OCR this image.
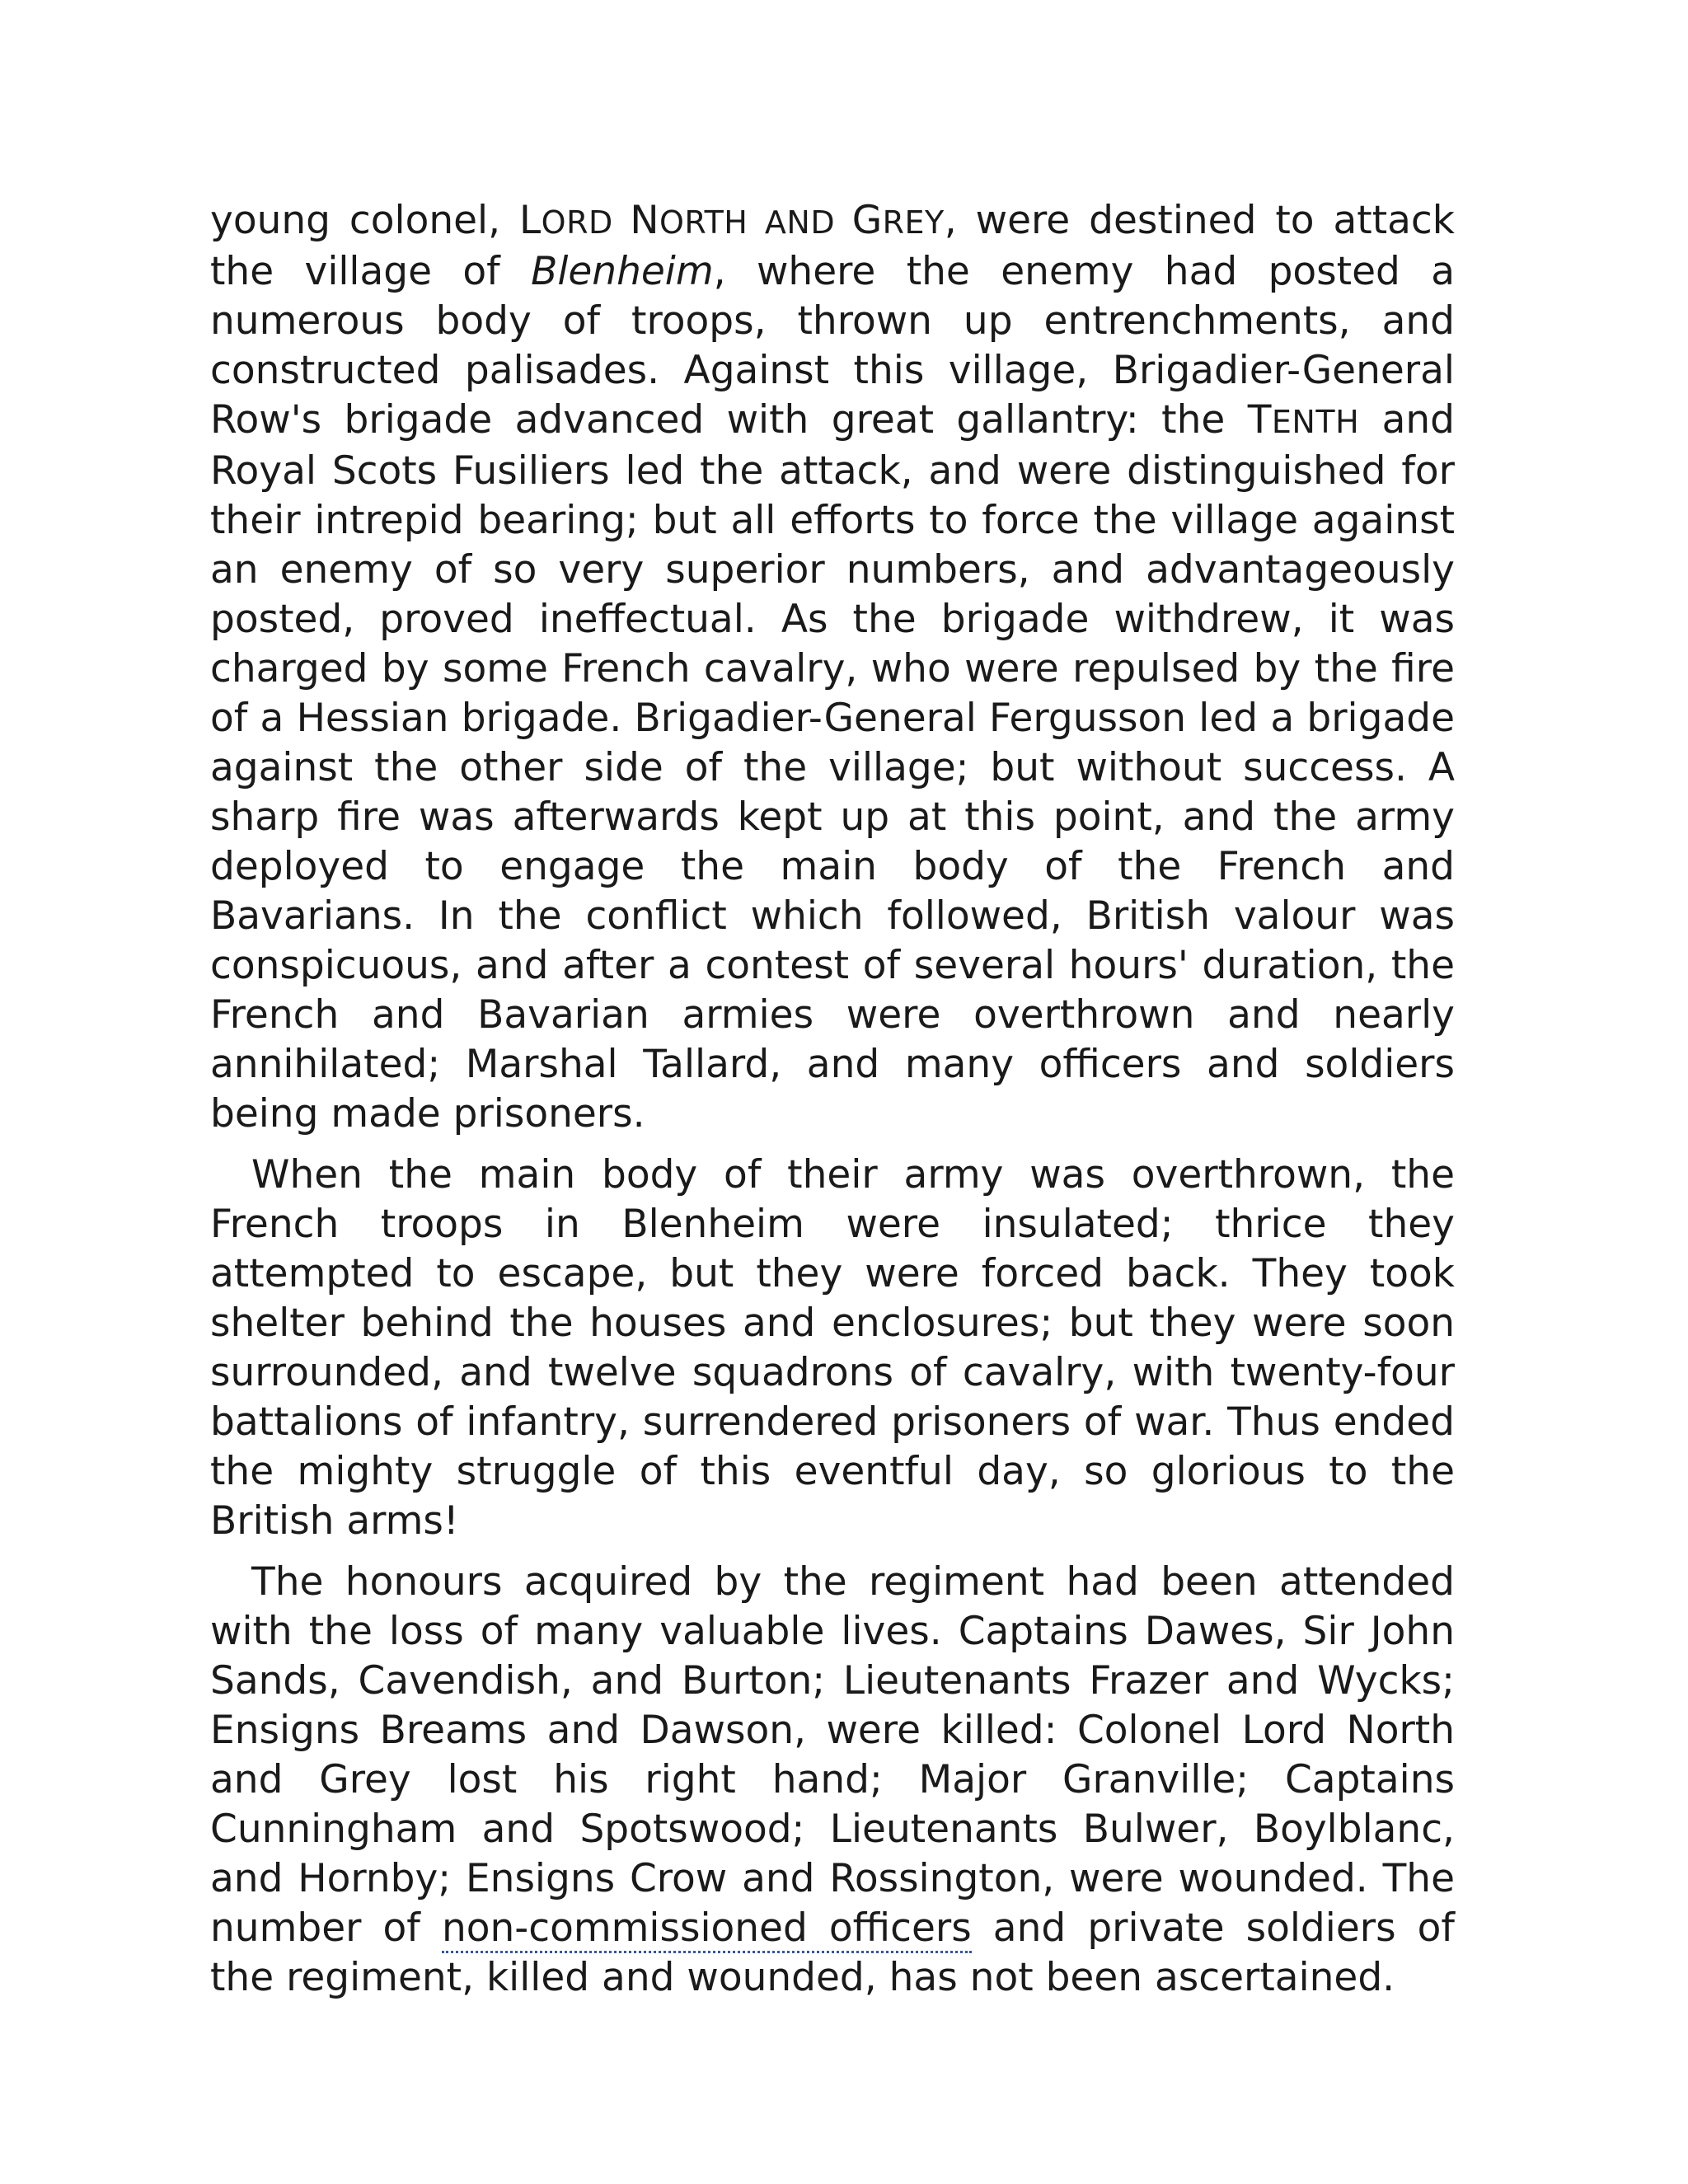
young colonel, LORD NORTH AND GREY, were destined to attack the village of Blenheim, where the enemy had posted a numerous body of troops, thrown up entrenchments, and constructed palisades. Against this village, Brigadier-General Row's brigade advanced with great gallantry: the TENTH and Royal Scots Fusiliers led the attack, and were distinguished for their intrepid bearing; but all efforts to force the village against an enemy of so very superior numbers, and advantageously posted, proved ineffectual. As the brigade withdrew, it was charged by some French cavalry, who were repulsed by the fire of a Hessian brigade. Brigadier-General Fergusson led a brigade against the other side of the village; but without success. A sharp fire was afterwards kept up at this point, and the army deployed to engage the main body of the French and Bavarians. In the conflict which followed, British valour was conspicuous, and after a contest of several hours' duration, the French and Bavarian armies were overthrown and nearly annihilated; Marshal Tallard, and many officers and soldiers being made prisoners.

When the main body of their army was overthrown, the French troops in Blenheim were insulated; thrice they attempted to escape, but they were forced back. They took shelter behind the houses and enclosures; but they were soon surrounded, and twelve squadrons of cavalry, with twenty-four battalions of infantry, surrendered prisoners of war. Thus ended the mighty struggle of this eventful day, so glorious to the British arms!

The honours acquired by the regiment had been attended with the loss of many valuable lives. Captains Dawes, Sir John Sands, Cavendish, and Burton; Lieutenants Frazer and Wycks; Ensigns Breams and Dawson, were killed: Colonel Lord North and Grey lost his right hand; Major Granville; Captains Cunningham and Spotswood; Lieutenants Bulwer, Boylblanc, and Hornby; Ensigns Crow and Rossington, were wounded. The number of non-commissioned officers and private soldiers of the regiment, killed and wounded, has not been ascertained.
